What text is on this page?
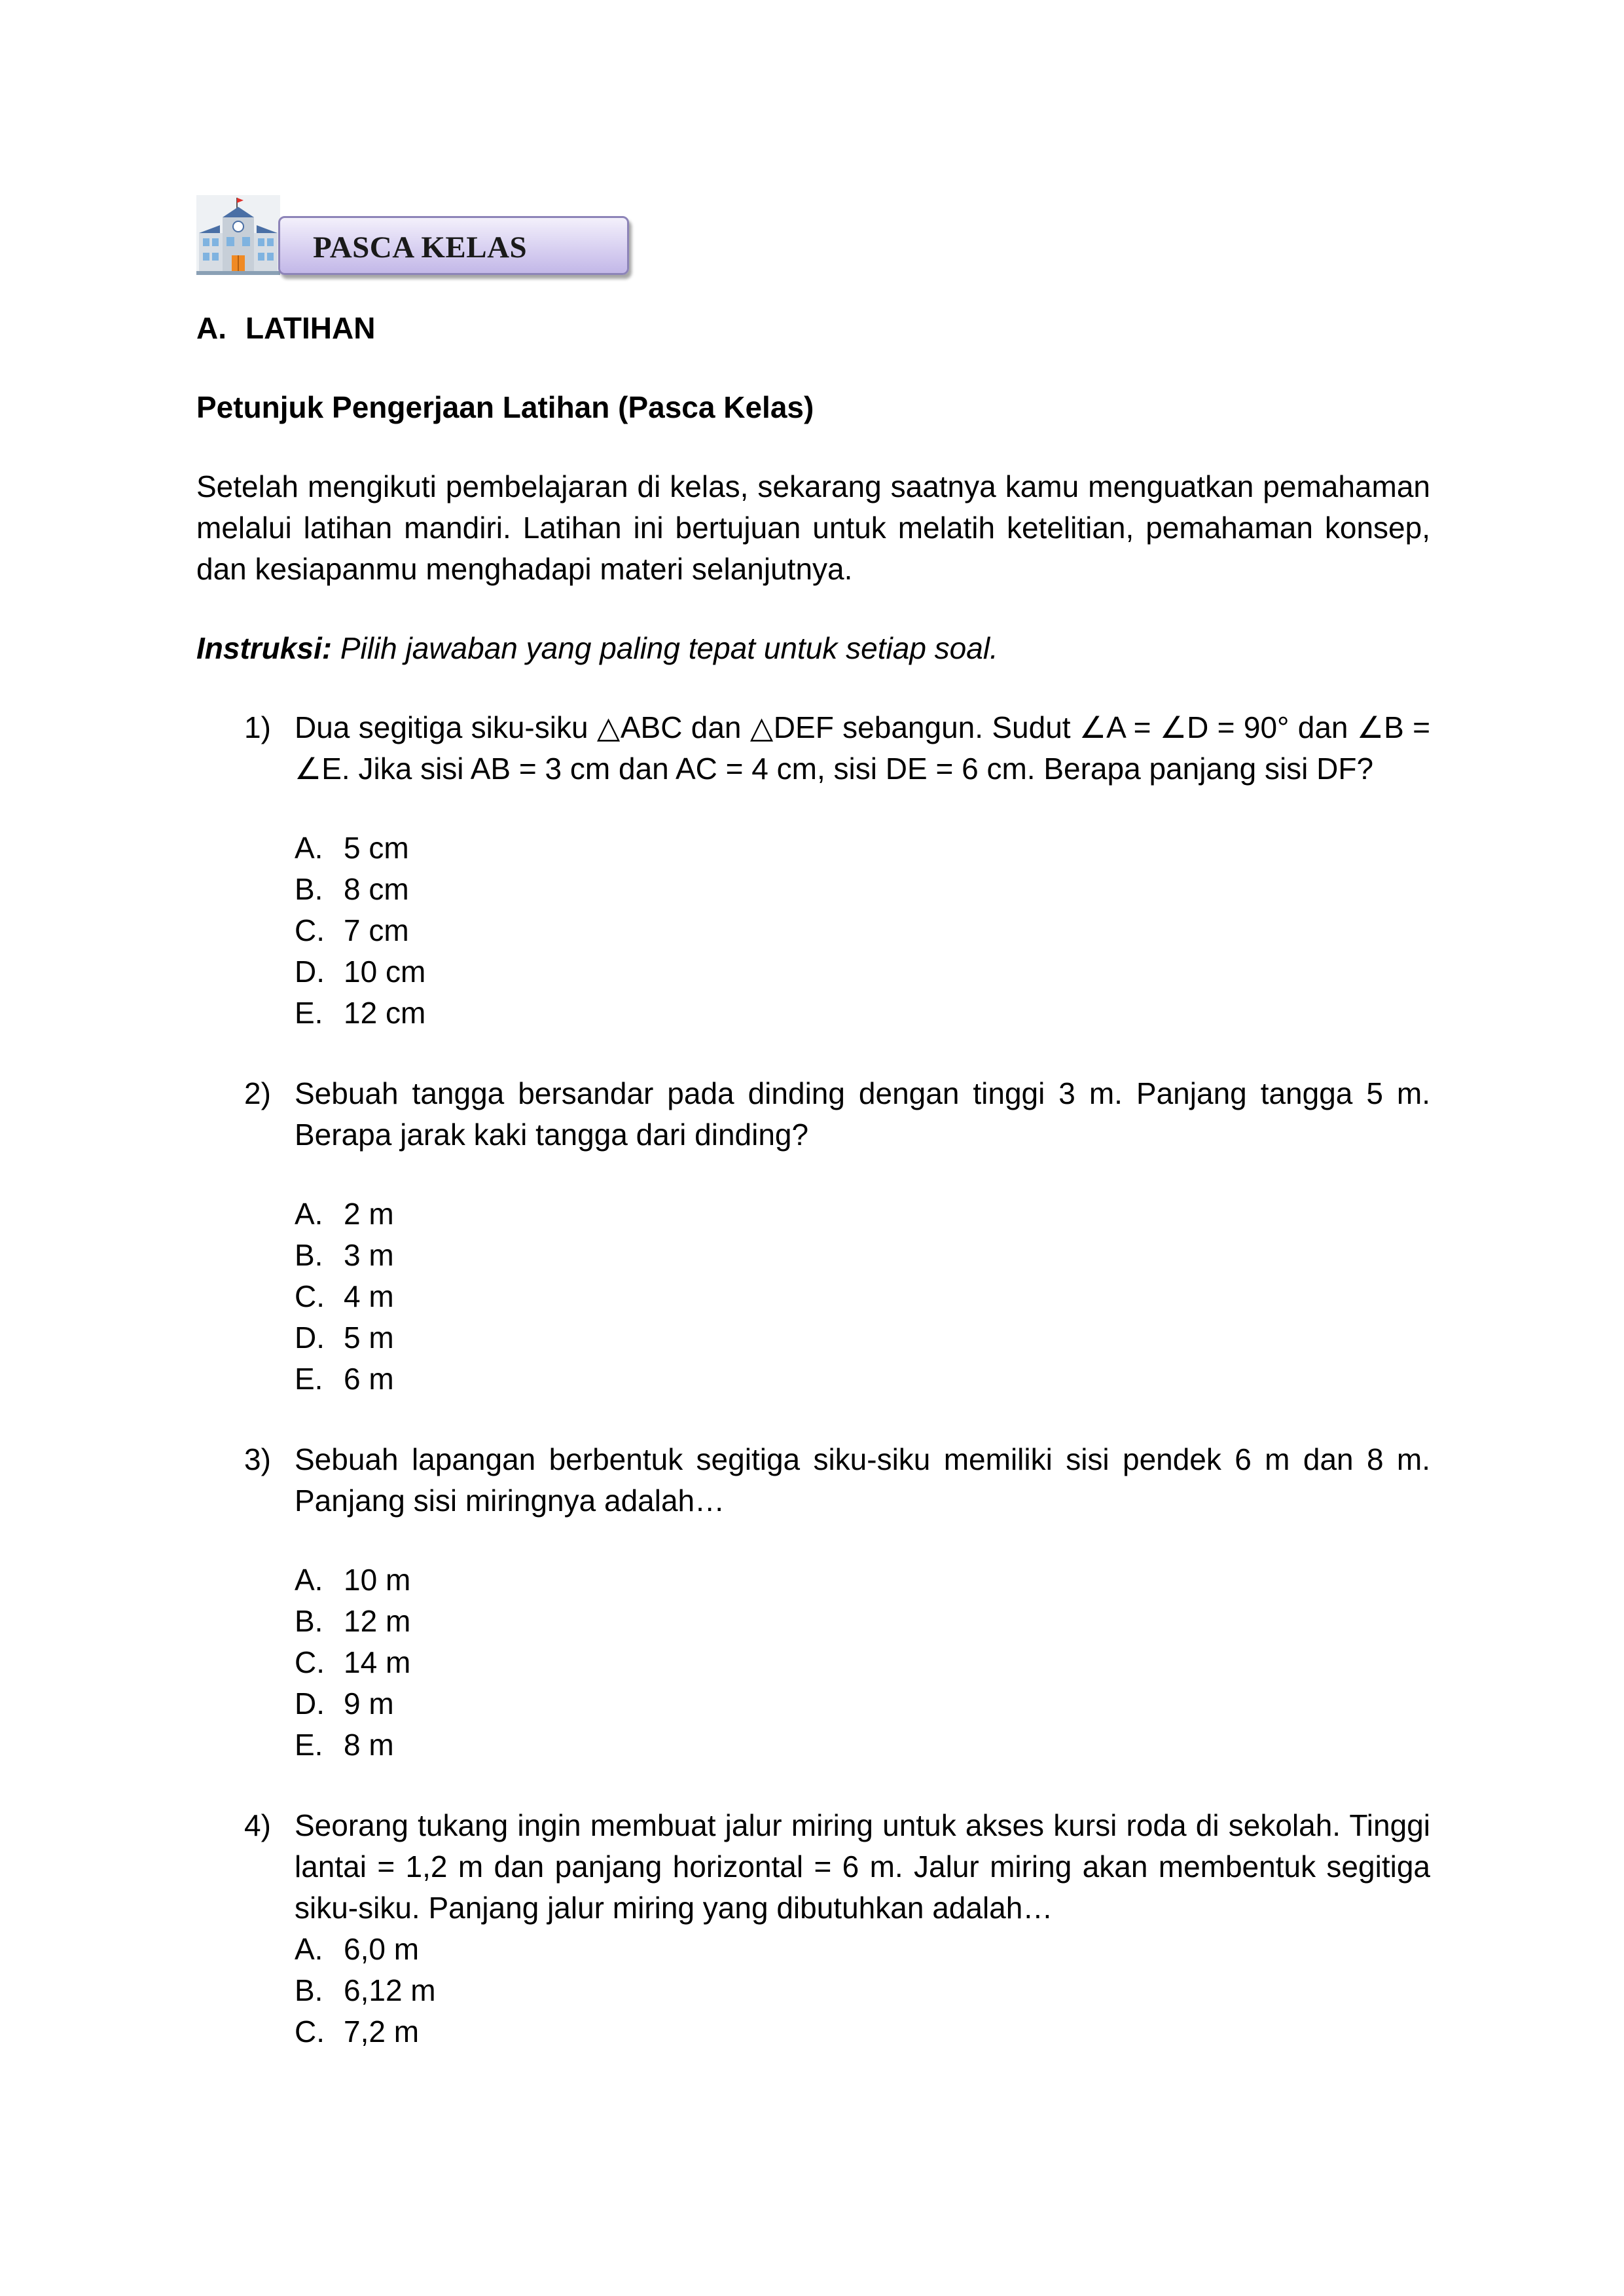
PASCA KELAS
A. LATIHAN

Petunjuk Pengerjaan Latihan (Pasca Kelas)

Setelah mengikuti pembelajaran di kelas, sekarang saatnya kamu menguatkan pemahaman melalui latihan mandiri. Latihan ini bertujuan untuk melatih ketelitian, pemahaman konsep, dan kesiapanmu menghadapi materi selanjutnya.

Instruksi: Pilih jawaban yang paling tepat untuk setiap soal.

1) Dua segitiga siku-siku △ABC dan △DEF sebangun. Sudut ∠A = ∠D = 90° dan ∠B = ∠E. Jika sisi AB = 3 cm dan AC = 4 cm, sisi DE = 6 cm. Berapa panjang sisi DF?
A. 5 cm
B. 8 cm
C. 7 cm
D. 10 cm
E. 12 cm
2) Sebuah tangga bersandar pada dinding dengan tinggi 3 m. Panjang tangga 5 m. Berapa jarak kaki tangga dari dinding?
A. 2 m
B. 3 m
C. 4 m
D. 5 m
E. 6 m
3) Sebuah lapangan berbentuk segitiga siku-siku memiliki sisi pendek 6 m dan 8 m. Panjang sisi miringnya adalah…
A. 10 m
B. 12 m
C. 14 m
D. 9 m
E. 8 m
4) Seorang tukang ingin membuat jalur miring untuk akses kursi roda di sekolah. Tinggi lantai = 1,2 m dan panjang horizontal = 6 m. Jalur miring akan membentuk segitiga siku-siku. Panjang jalur miring yang dibutuhkan adalah…
A. 6,0 m
B. 6,12 m
C. 7,2 m
